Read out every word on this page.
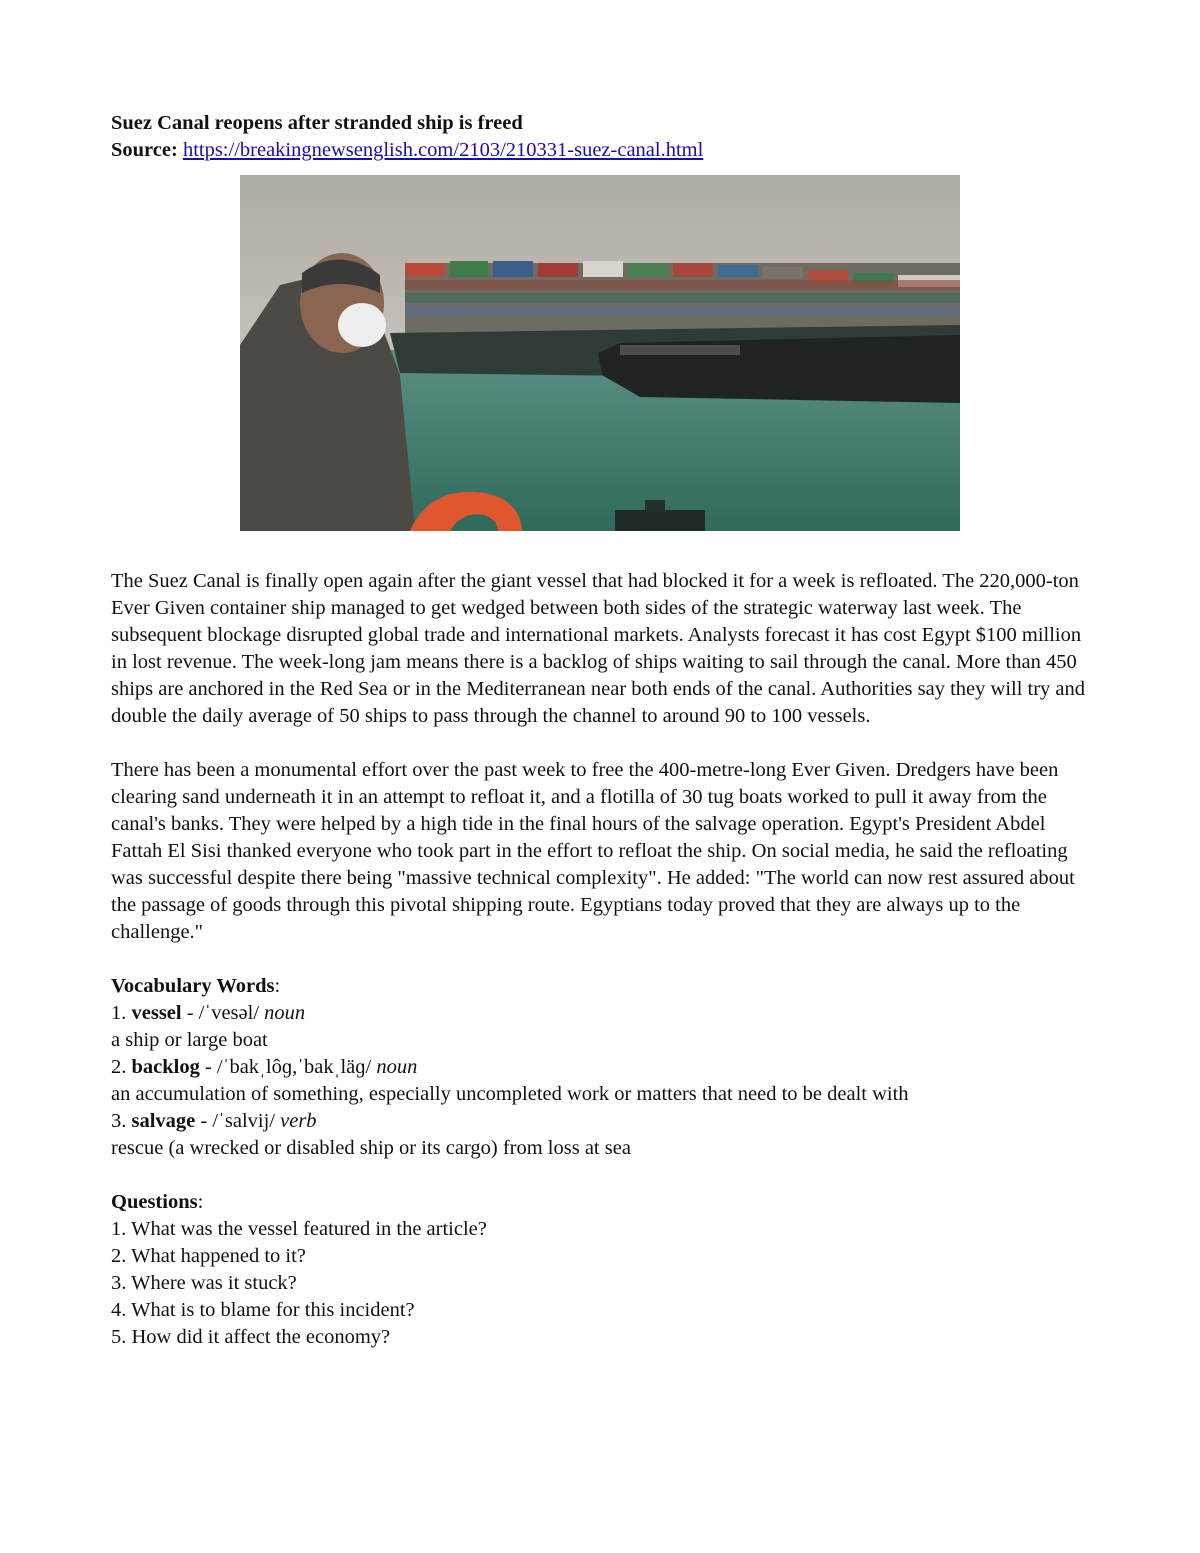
Suez Canal reopens after stranded ship is freed
Source: https://breakingnewsenglish.com/2103/210331-suez-canal.html
The Suez Canal is finally open again after the giant vessel that had blocked it for a week is refloated. The 220,000-ton Ever Given container ship managed to get wedged between both sides of the strategic waterway last week. The subsequent blockage disrupted global trade and international markets. Analysts forecast it has cost Egypt $100 million in lost revenue. The week-long jam means there is a backlog of ships waiting to sail through the canal. More than 450 ships are anchored in the Red Sea or in the Mediterranean near both ends of the canal. Authorities say they will try and double the daily average of 50 ships to pass through the channel to around 90 to 100 vessels.
There has been a monumental effort over the past week to free the 400-metre-long Ever Given. Dredgers have been clearing sand underneath it in an attempt to refloat it, and a flotilla of 30 tug boats worked to pull it away from the canal's banks. They were helped by a high tide in the final hours of the salvage operation. Egypt's President Abdel Fattah El Sisi thanked everyone who took part in the effort to refloat the ship. On social media, he said the refloating was successful despite there being "massive technical complexity". He added: "The world can now rest assured about the passage of goods through this pivotal shipping route. Egyptians today proved that they are always up to the challenge."
Vocabulary Words:
1. vessel - /ˈvesəl/ noun
a ship or large boat
2. backlog - /ˈbakˌlôɡ,ˈbakˌläɡ/ noun
an accumulation of something, especially uncompleted work or matters that need to be dealt with
3. salvage - /ˈsalvij/ verb
rescue (a wrecked or disabled ship or its cargo) from loss at sea
Questions:
1. What was the vessel featured in the article?
2. What happened to it?
3. Where was it stuck?
4. What is to blame for this incident?
5. How did it affect the economy?
